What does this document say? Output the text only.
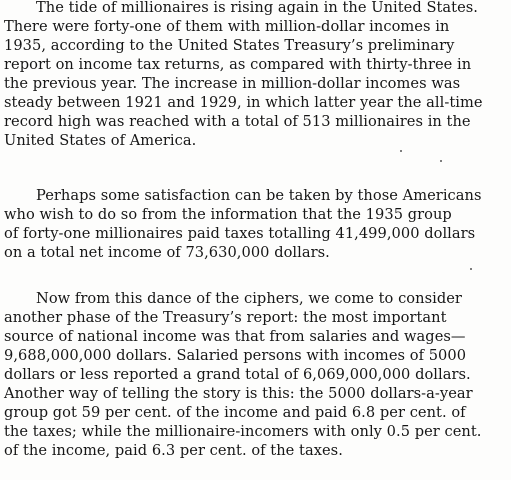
The tide of millionaires is rising again in the United States.
There were forty-one of them with million-dollar incomes in
1935, according to the United States Treasury’s preliminary
report on income tax returns, as compared with thirty-three in
the previous year. The increase in million-dollar incomes was
steady between 1921 and 1929, in which latter year the all-time
record high was reached with a total of 513 millionaires in the
United States of America.
Perhaps some satisfaction can be taken by those Americans
who wish to do so from the information that the 1935 group
of forty-one millionaires paid taxes totalling 41,499,000 dollars
on a total net income of 73,630,000 dollars.
Now from this dance of the ciphers, we come to consider
another phase of the Treasury’s report: the most important
source of national income was that from salaries and wages—
9,688,000,000 dollars. Salaried persons with incomes of 5000
dollars or less reported a grand total of 6,069,000,000 dollars.
Another way of telling the story is this: the 5000 dollars-a-year
group got 59 per cent. of the income and paid 6.8 per cent. of
the taxes; while the millionaire-incomers with only 0.5 per cent.
of the income, paid 6.3 per cent. of the taxes.
